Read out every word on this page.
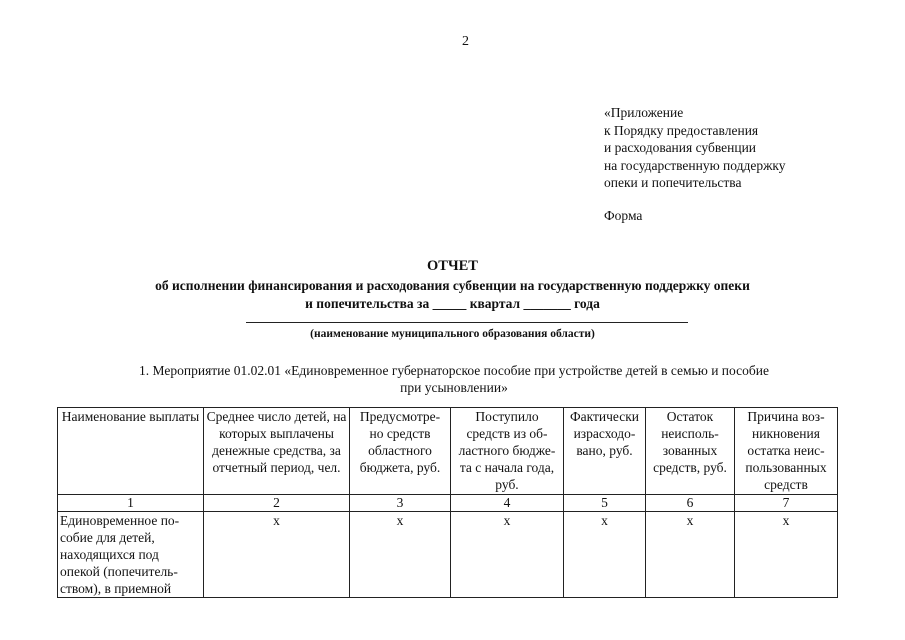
2
«Приложение
к Порядку предоставления
и расходования субвенции
на государственную поддержку
опеки и попечительства
Форма
ОТЧЕТ
об исполнении финансирования и расходования субвенции на государственную поддержку опеки
и попечительства за _____ квартал _______ года
(наименование муниципального образования области)
1. Мероприятие 01.02.01 «Единовременное губернаторское пособие при устройстве детей в семью и пособие
при усыновлении»
Наименование выплаты	Среднее число детей, на которых выплачены денежные средства, за отчетный период, чел.	Предусмотре- но средств областного бюджета, руб.	Поступило средств из об- ластного бюдже- та с начала года, руб.	Фактически израсходо- вано, руб.	Остаток неисполь- зованных средств, руб.	Причина воз- никновения остатка неис- пользованных средств
1	2	3	4	5	6	7
Единовременное по- собие для детей, находящихся под опекой (попечитель- ством), в приемной	x	x	x	x	x	x
